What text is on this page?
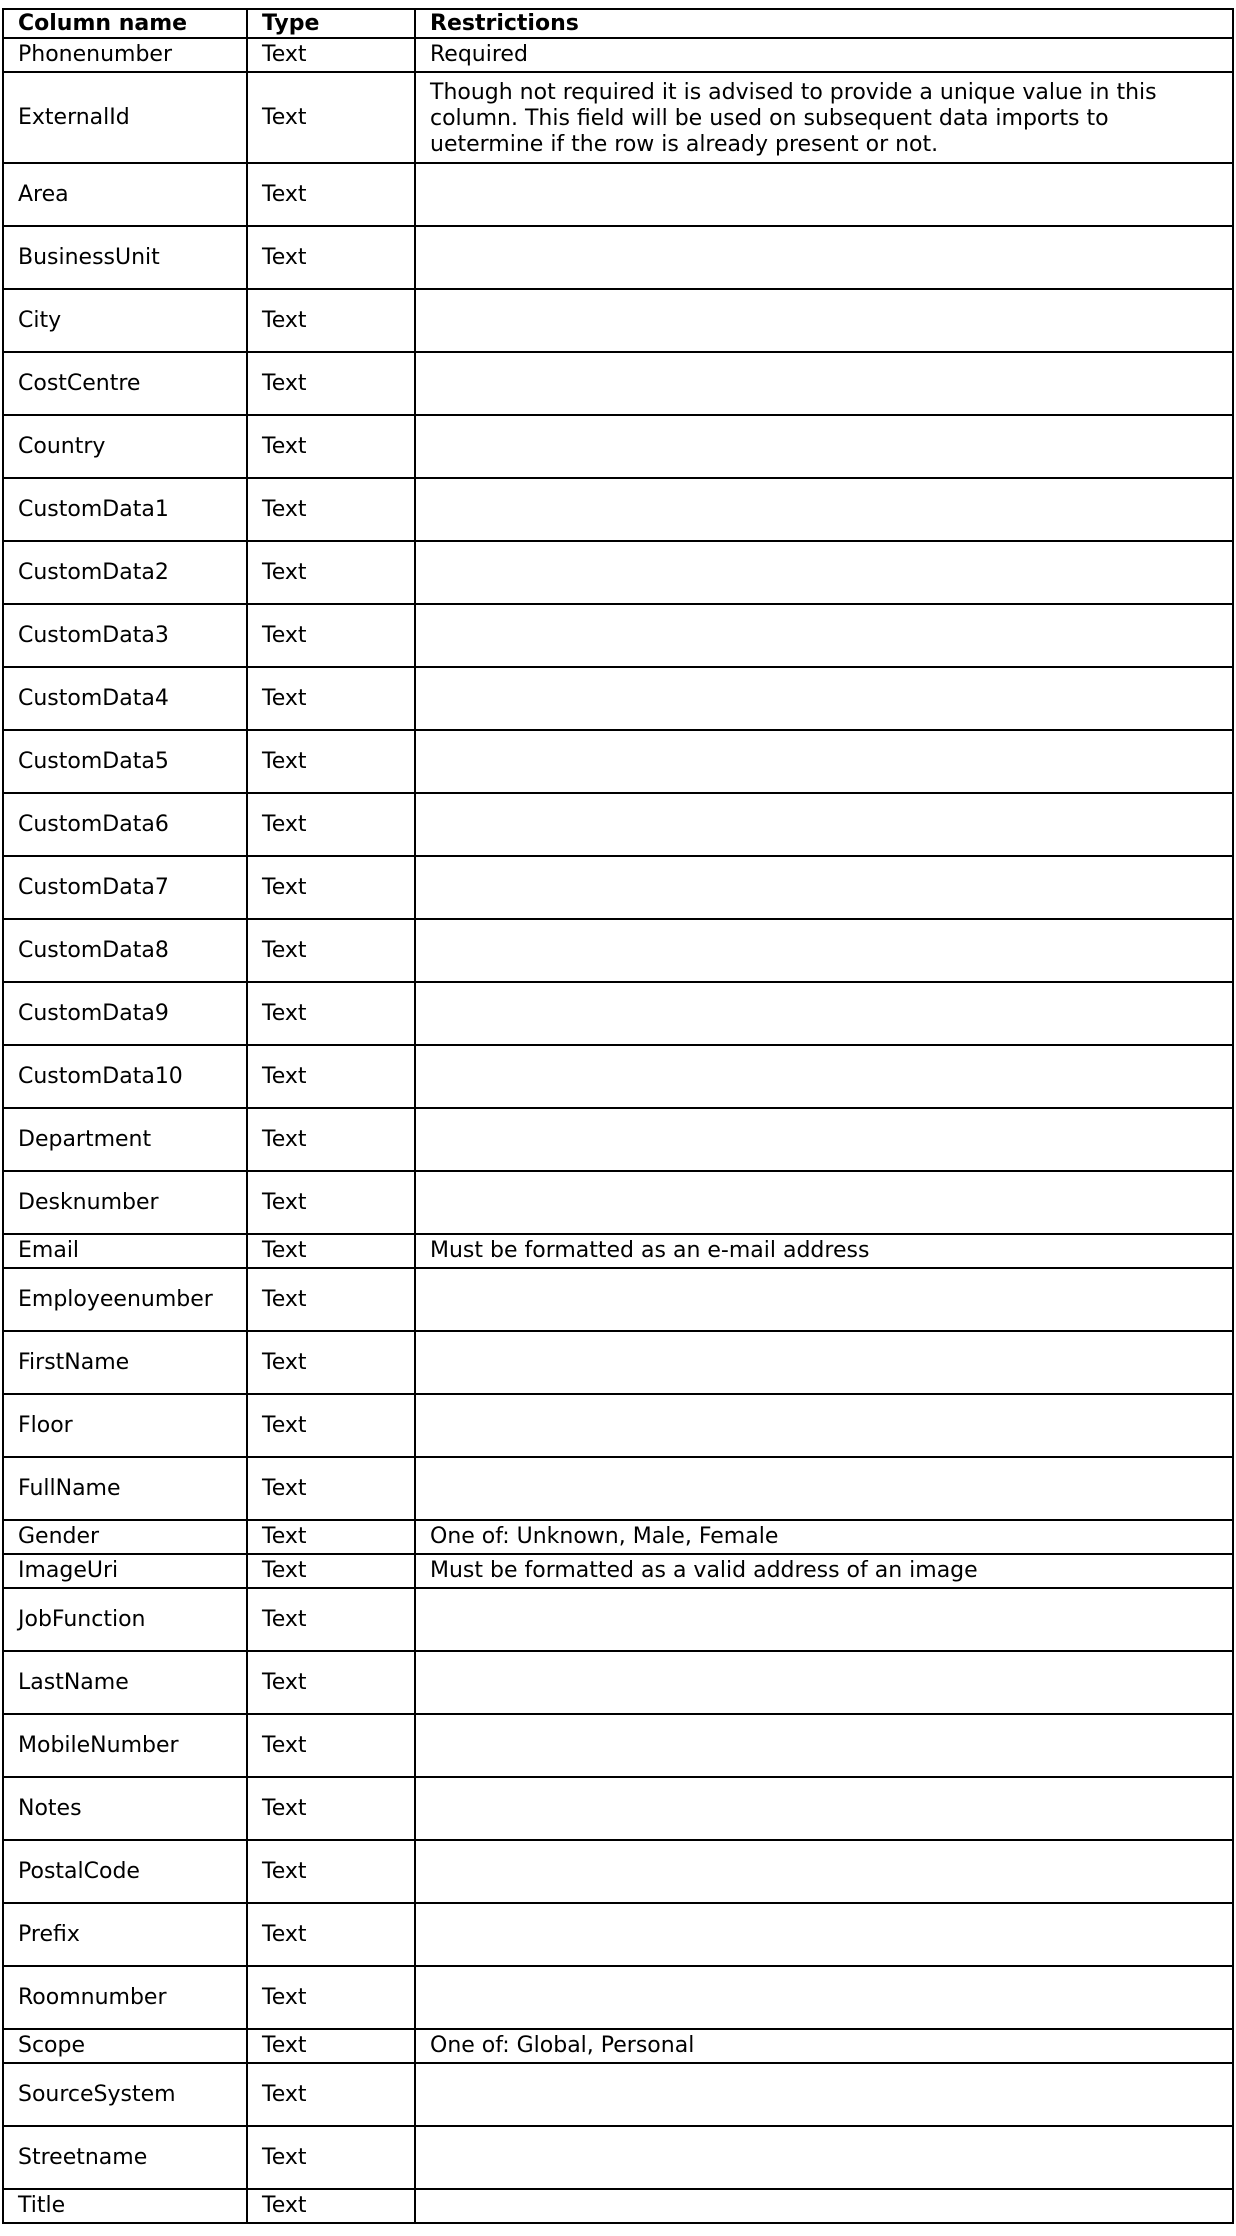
Column name	Type	Restrictions
Phonenumber	Text	Required
ExternalId	Text	Though not required it is advised to provide a unique value in this column. This field will be used on subsequent data imports to uetermine if the row is already present or not.
Area	Text	
BusinessUnit	Text	
City	Text	
CostCentre	Text	
Country	Text	
CustomData1	Text	
CustomData2	Text	
CustomData3	Text	
CustomData4	Text	
CustomData5	Text	
CustomData6	Text	
CustomData7	Text	
CustomData8	Text	
CustomData9	Text	
CustomData10	Text	
Department	Text	
Desknumber	Text	
Email	Text	Must be formatted as an e-mail address
Employeenumber	Text	
FirstName	Text	
Floor	Text	
FullName	Text	
Gender	Text	One of: Unknown, Male, Female
ImageUri	Text	Must be formatted as a valid address of an image
JobFunction	Text	
LastName	Text	
MobileNumber	Text	
Notes	Text	
PostalCode	Text	
Prefix	Text	
Roomnumber	Text	
Scope	Text	One of: Global, Personal
SourceSystem	Text	
Streetname	Text	
Title	Text	
